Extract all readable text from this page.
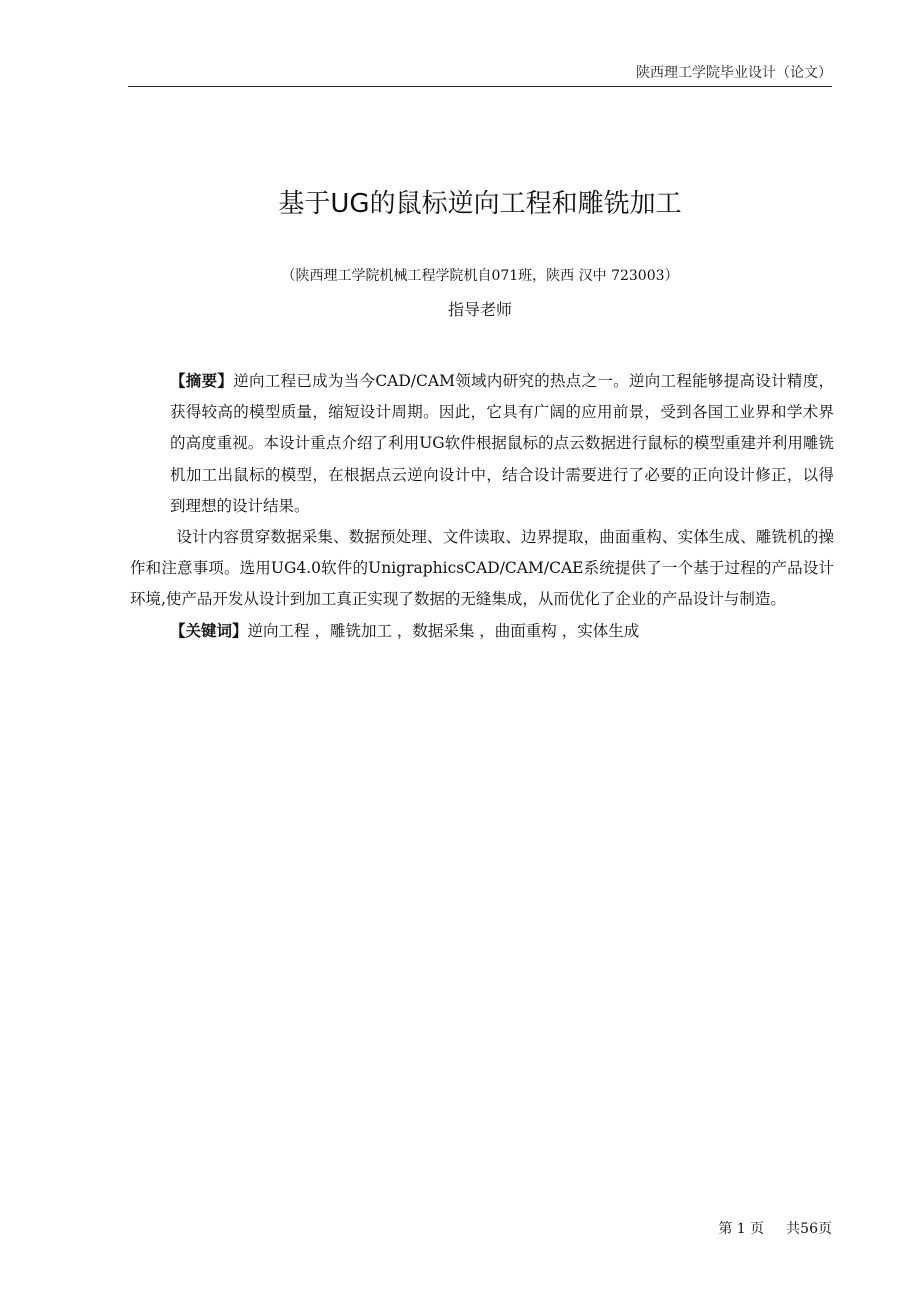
陕西理工学院毕业设计（论文）
基于UG的鼠标逆向工程和雕铣加工
（陕西理工学院机械工程学院机自071班，陕西 汉中 723003）
指导老师

【摘要】逆向工程已成为当今CAD/CAM领域内研究的热点之一。逆向工程能够提高设计精度，获得较高的模型质量，缩短设计周期。因此，它具有广阔的应用前景，受到各国工业界和学术界的高度重视。本设计重点介绍了利用UG软件根据鼠标的点云数据进行鼠标的模型重建并利用雕铣机加工出鼠标的模型，在根据点云逆向设计中，结合设计需要进行了必要的正向设计修正，以得到理想的设计结果。

设计内容贯穿数据采集、数据预处理、文件读取、边界提取，曲面重构、实体生成、雕铣机的操作和注意事项。选用UG4.0软件的UnigraphicsCAD/CAM/CAE系统提供了一个基于过程的产品设计环境,使产品开发从设计到加工真正实现了数据的无缝集成，从而优化了企业的产品设计与制造。

【关键词】逆向工程 ，雕铣加工 ，数据采集 ，曲面重构 ，实体生成

第 1 页 共56页
